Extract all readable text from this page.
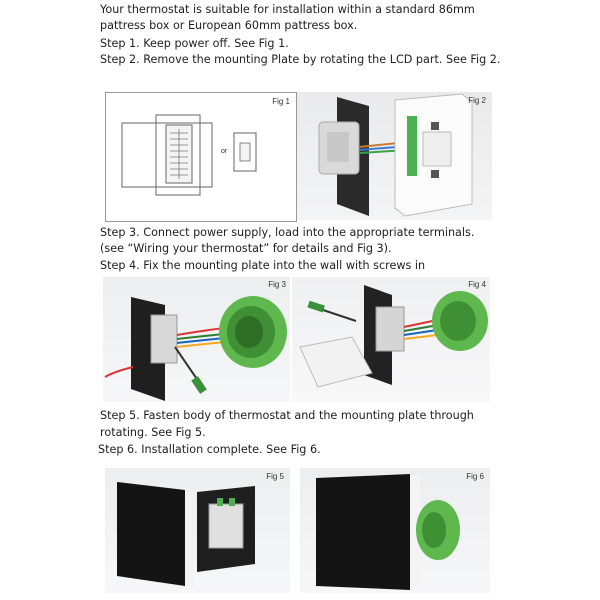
Your thermostat is suitable for installation within a standard 86mm
pattress box or European 60mm pattress box.
Step 1. Keep power off. See Fig 1.
Step 2. Remove the mounting Plate by rotating the LCD part. See Fig 2.
Fig 1
or
Fig 2
Step 3. Connect power supply, load into the appropriate terminals.
(see “Wiring your thermostat” for details and Fig 3).
Step 4. Fix the mounting plate into the wall with screws in
Fig 3	Fig 4
Step 5. Fasten body of thermostat and the mounting plate through
rotating. See Fig 5.
Step 6. Installation complete. See Fig 6.
Fig 5	Fig 6
